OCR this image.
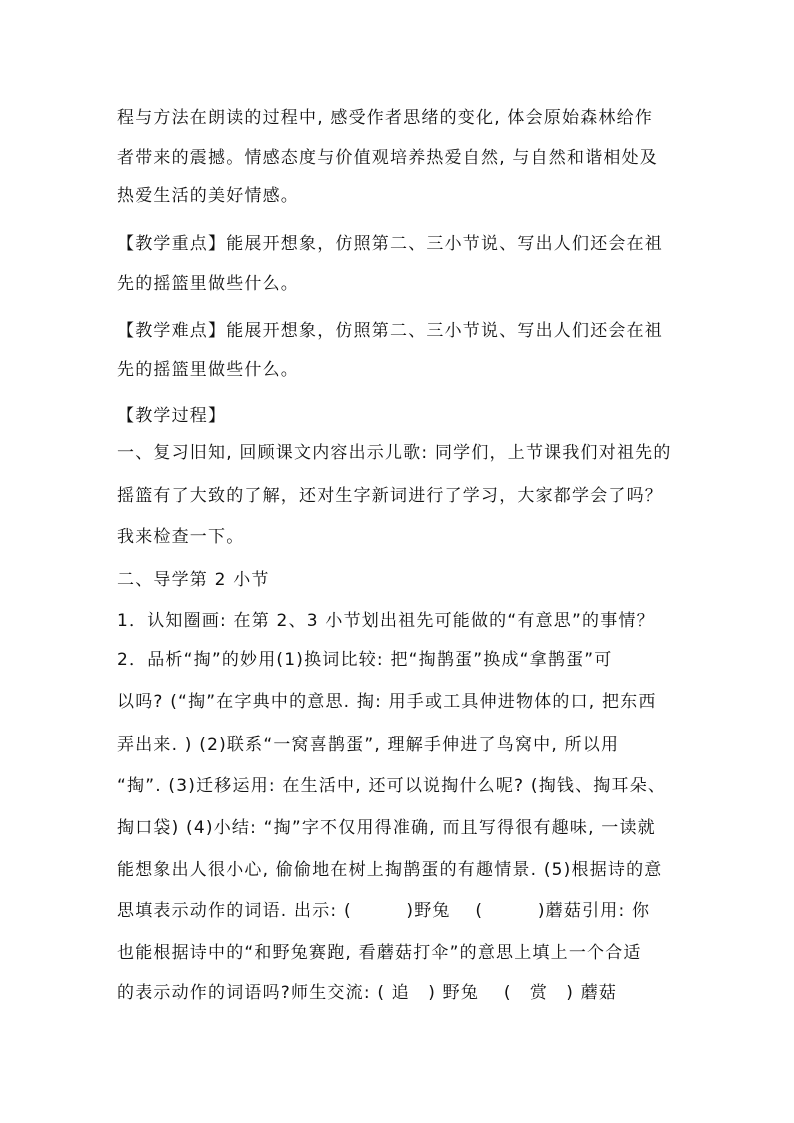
程与方法在朗读的过程中, 感受作者思绪的变化, 体会原始森林给作
者带来的震撼。情感态度与价值观培养热爱自然, 与自然和谐相处及
热爱生活的美好情感。
【教学重点】能展开想象，仿照第二、三小节说、写出人们还会在祖
先的摇篮里做些什么。
【教学难点】能展开想象，仿照第二、三小节说、写出人们还会在祖
先的摇篮里做些什么。
【教学过程】
一、复习旧知, 回顾课文内容出示儿歌: 同学们，上节课我们对祖先的
摇篮有了大致的了解，还对生字新词进行了学习，大家都学会了吗？
我来检查一下。
二、导学第 2 小节
1．认知圈画: 在第 2、3 小节划出祖先可能做的“有意思”的事情？
2．品析“掏”的妙用(1)换词比较: 把“掏鹊蛋”换成“拿鹊蛋”可
以吗? (“掏”在字典中的意思. 掏: 用手或工具伸进物体的口, 把东西
弄出来. ) (2)联系“一窝喜鹊蛋”, 理解手伸进了鸟窝中, 所以用
“掏”. (3)迁移运用: 在生活中, 还可以说掏什么呢? (掏钱、掏耳朵、
掏口袋) (4)小结: “掏”字不仅用得准确, 而且写得很有趣味, 一读就
能想象出人很小心, 偷偷地在树上掏鹊蛋的有趣情景. (5)根据诗的意
思填表示动作的词语. 出示: (　　　)野兔　 (　　　)蘑菇引用: 你
也能根据诗中的“和野兔赛跑, 看蘑菇打伞”的意思上填上一个合适
的表示动作的词语吗?师生交流: ( 追　) 野兔　 (　赏　) 蘑菇
